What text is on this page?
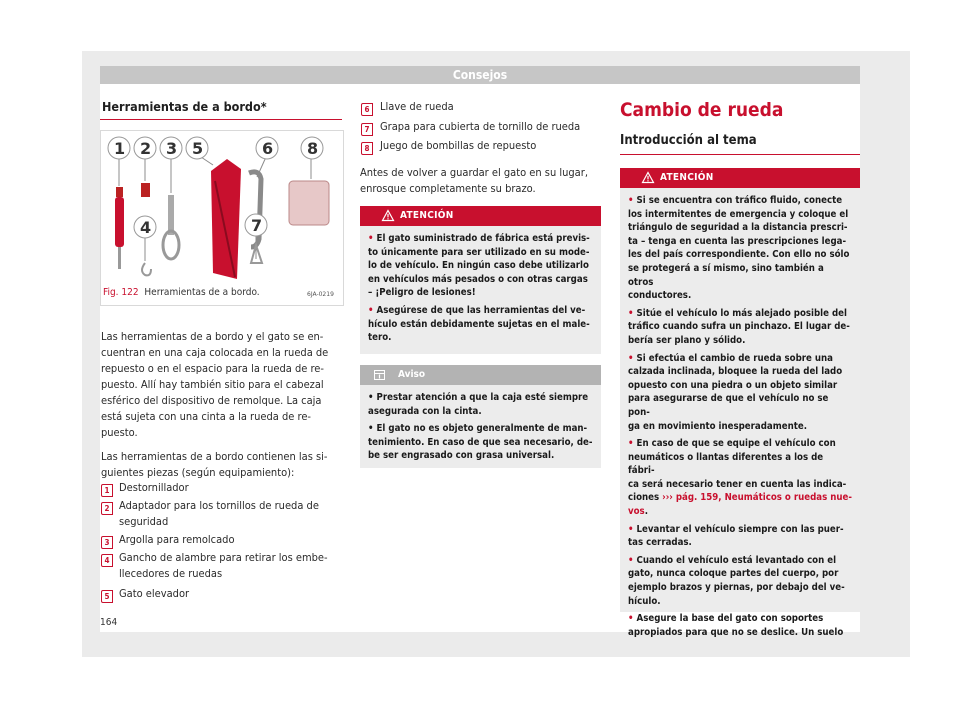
Consejos
Herramientas de a bordo*
1 2 3 5	6 8
4	7
6JA-0219
Fig. 122 Herramientas de a bordo.

Las herramientas de a bordo y el gato se en-
cuentran en una caja colocada en la rueda de
repuesto o en el espacio para la rueda de re-
puesto. Allí hay también sitio para el cabezal
esférico del dispositivo de remolque. La caja
está sujeta con una cinta a la rueda de re-
puesto.

Las herramientas de a bordo contienen las si-
guientes piezas (según equipamiento):

1 Destornillador
2 Adaptador para los tornillos de rueda de
seguridad
3 Argolla para remolcado
4 Gancho de alambre para retirar los embe-
llecedores de ruedas
5 Gato elevador
6 Llave de rueda
7 Grapa para cubierta de tornillo de rueda
8 Juego de bombillas de repuesto

Antes de volver a guardar el gato en su lugar,
enrosque completamente su brazo.

ATENCIÓN
• El gato suministrado de fábrica está previs-
to únicamente para ser utilizado en su mode-
lo de vehículo. En ningún caso debe utilizarlo
en vehículos más pesados o con otras cargas
– ¡Peligro de lesiones!
• Asegúrese de que las herramientas del ve-
hículo están debidamente sujetas en el male-
tero.
Aviso
• Prestar atención a que la caja esté siempre
asegurada con la cinta.
• El gato no es objeto generalmente de man-
tenimiento. En caso de que sea necesario, de-
be ser engrasado con grasa universal.
Cambio de rueda
Introducción al tema
ATENCIÓN
• Si se encuentra con tráfico fluido, conecte
los intermitentes de emergencia y coloque el
triángulo de seguridad a la distancia prescri-
ta – tenga en cuenta las prescripciones lega-
les del país correspondiente. Con ello no sólo
se protegerá a sí mismo, sino también a otros
conductores.
• Sitúe el vehículo lo más alejado posible del
tráfico cuando sufra un pinchazo. El lugar de-
bería ser plano y sólido.
• Si efectúa el cambio de rueda sobre una
calzada inclinada, bloquee la rueda del lado
opuesto con una piedra o un objeto similar
para asegurarse de que el vehículo no se pon-
ga en movimiento inesperadamente.
• En caso de que se equipe el vehículo con
neumáticos o llantas diferentes a los de fábri-
ca será necesario tener en cuenta las indica-
ciones ››› pág. 159, Neumáticos o ruedas nue-
vos.
• Levantar el vehículo siempre con las puer-
tas cerradas.
• Cuando el vehículo está levantado con el
gato, nunca coloque partes del cuerpo, por
ejemplo brazos y piernas, por debajo del ve-
hículo.
• Asegure la base del gato con soportes
apropiados para que no se deslice. Un suelo
164
